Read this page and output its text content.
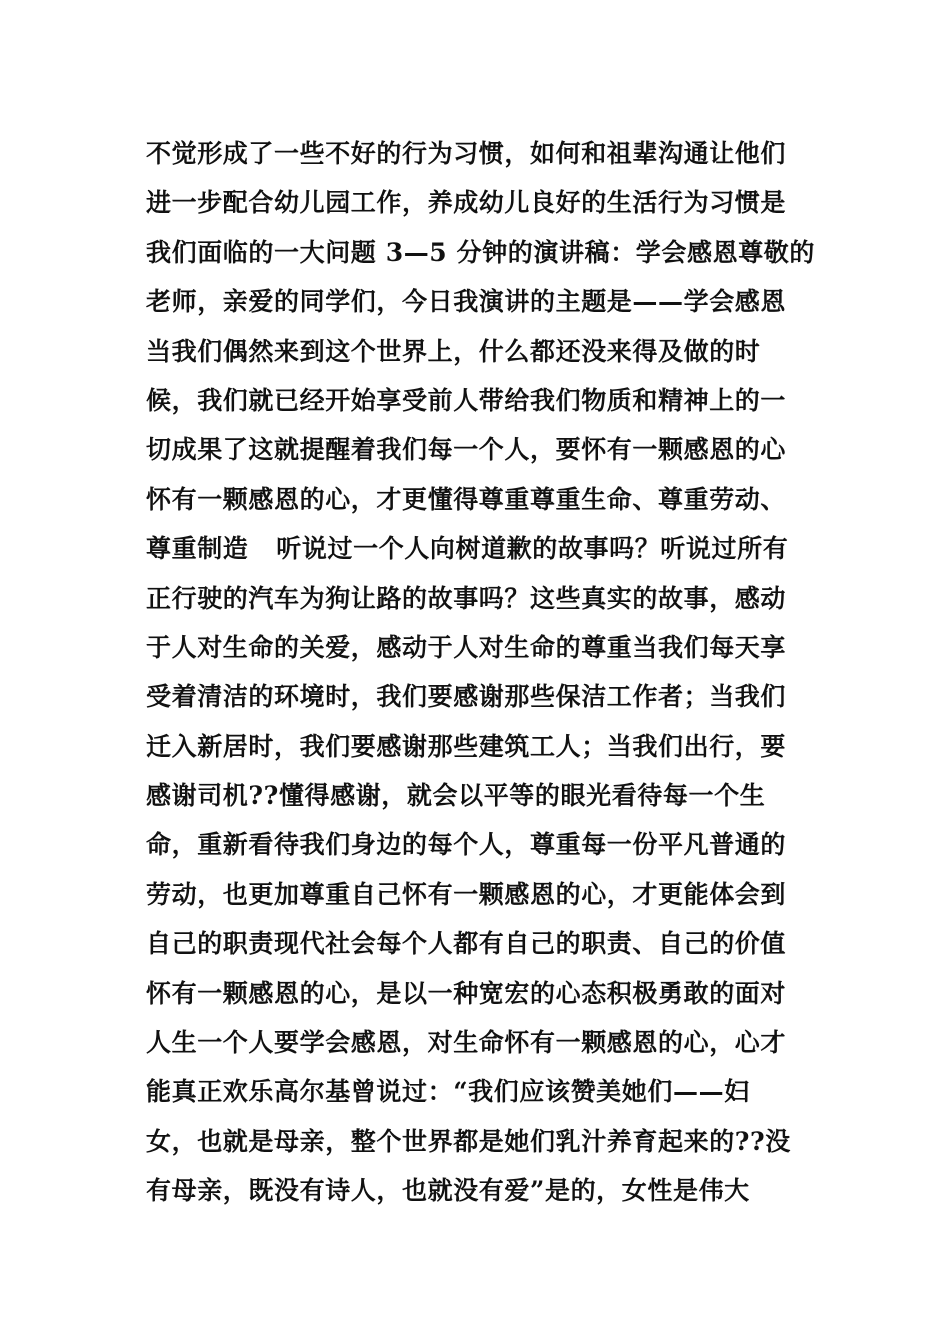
不觉形成了一些不好的行为习惯，如何和祖辈沟通让他们
进一步配合幼儿园工作，养成幼儿良好的生活行为习惯是
我们面临的一大问题 3—5 分钟的演讲稿：学会感恩尊敬的
老师，亲爱的同学们，今日我演讲的主题是——学会感恩
当我们偶然来到这个世界上，什么都还没来得及做的时
候，我们就已经开始享受前人带给我们物质和精神上的一
切成果了这就提醒着我们每一个人，要怀有一颗感恩的心
怀有一颗感恩的心，才更懂得尊重尊重生命、尊重劳动、
尊重制造   听说过一个人向树道歉的故事吗？听说过所有
正行驶的汽车为狗让路的故事吗？这些真实的故事，感动
于人对生命的关爱，感动于人对生命的尊重当我们每天享
受着清洁的环境时，我们要感谢那些保洁工作者；当我们
迁入新居时，我们要感谢那些建筑工人；当我们出行，要
感谢司机??懂得感谢，就会以平等的眼光看待每一个生
命，重新看待我们身边的每个人，尊重每一份平凡普通的
劳动，也更加尊重自己怀有一颗感恩的心，才更能体会到
自己的职责现代社会每个人都有自己的职责、自己的价值
怀有一颗感恩的心，是以一种宽宏的心态积极勇敢的面对
人生一个人要学会感恩，对生命怀有一颗感恩的心，心才
能真正欢乐高尔基曾说过：“我们应该赞美她们——妇
女，也就是母亲，整个世界都是她们乳汁养育起来的??没
有母亲，既没有诗人，也就没有爱”是的，女性是伟大
